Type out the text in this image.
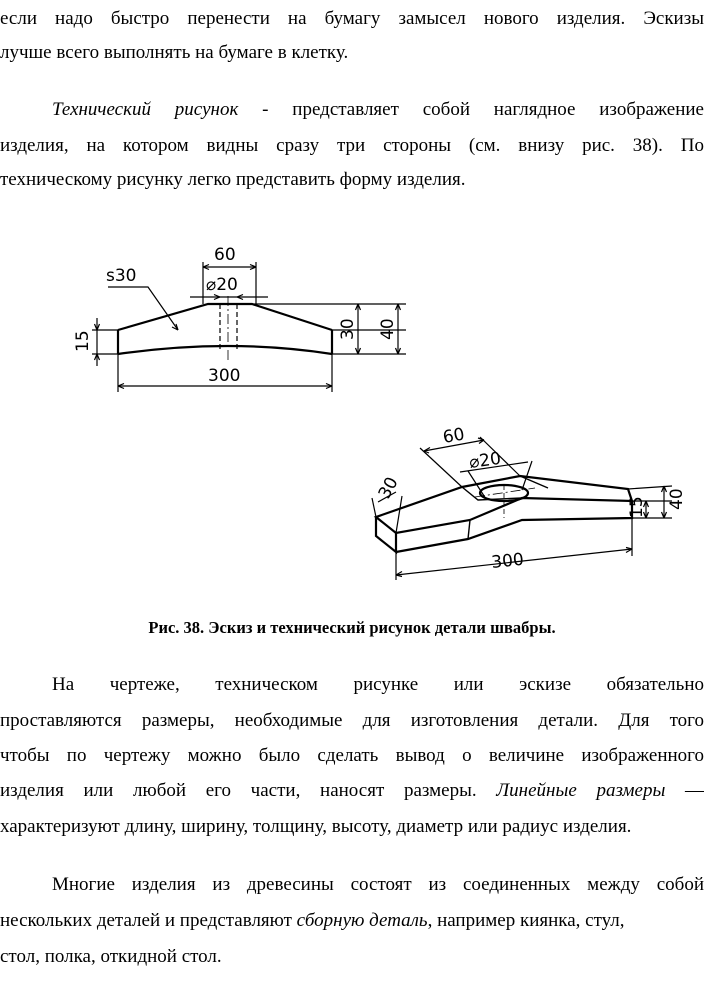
если надо быстро перенести на бумагу замысел нового изделия. Эскизы

лучше всего выполнять на бумаге в клетку.

Технический рисунок - представляет собой наглядное изображение

изделия, на котором видны сразу три стороны (см. внизу рис. 38). По

техническому рисунку легко представить форму изделия.

s30
60
⌀20
15
30 40
300
60
⌀20
30
15 40
300
Рис. 38. Эскиз и технический рисунок детали швабры.

На чертеже, техническом рисунке или эскизе обязательно

проставляются размеры, необходимые для изготовления детали. Для того

чтобы по чертежу можно было сделать вывод о величине изображенного

изделия или любой его части, наносят размеры. Линейные размеры —

характеризуют длину, ширину, толщину, высоту, диаметр или радиус изделия.

Многие изделия из древесины состоят из соединенных между собой

нескольких деталей и представляют сборную деталь, например киянка, стул,

стол, полка, откидной стол.
